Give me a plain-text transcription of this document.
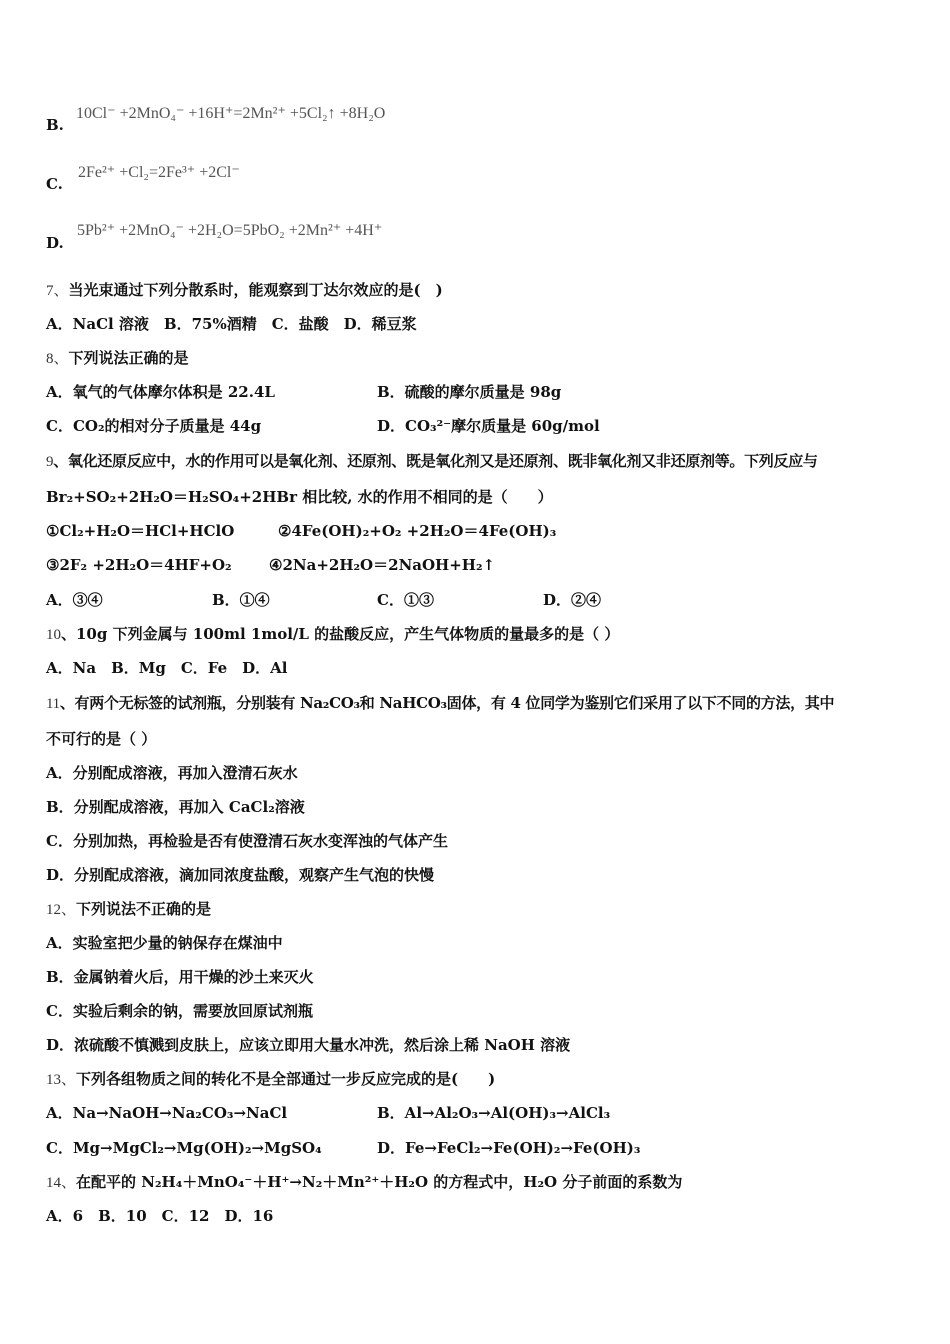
B.
10Cl⁻ +2MnO₄⁻ +16H⁺=2Mn²⁺ +5Cl₂↑ +8H₂O
C.
2Fe²⁺ +Cl₂=2Fe³⁺ +2Cl⁻
D.
5Pb²⁺ +2MnO₄⁻ +2H₂O=5PbO₂ +2Mn²⁺ +4H⁺
7、当光束通过下列分散系时，能观察到丁达尔效应的是(　)
A．NaCl 溶液　B．75%酒精　C．盐酸　D．稀豆浆
8、下列说法正确的是
A．氧气的气体摩尔体积是 22.4L	B．硫酸的摩尔质量是 98g
C．CO₂的相对分子质量是 44g	D．CO₃²⁻摩尔质量是 60g/mol
9、氧化还原反应中，水的作用可以是氧化剂、还原剂、既是氧化剂又是还原剂、既非氧化剂又非还原剂等。下列反应与
Br₂+SO₂+2H₂O＝H₂SO₄+2HBr 相比较, 水的作用不相同的是（　　）
①Cl₂+H₂O＝HCl+HClO	②4Fe(OH)₂+O₂ +2H₂O＝4Fe(OH)₃
③2F₂ +2H₂O＝4HF+O₂ ④2Na+2H₂O＝2NaOH+H₂↑
A．③④	B．①④	C．①③	D．②④
10、10g 下列金属与 100ml 1mol/L 的盐酸反应，产生气体物质的量最多的是（ ）
A．Na　B．Mg　C．Fe　D．Al
11、有两个无标签的试剂瓶，分别装有 Na₂CO₃和 NaHCO₃固体，有 4 位同学为鉴别它们采用了以下不同的方法，其中
不可行的是（ ）
A．分别配成溶液，再加入澄清石灰水
B．分别配成溶液，再加入 CaCl₂溶液
C．分别加热，再检验是否有使澄清石灰水变浑浊的气体产生
D．分别配成溶液，滴加同浓度盐酸，观察产生气泡的快慢
12、下列说法不正确的是
A．实验室把少量的钠保存在煤油中
B．金属钠着火后，用干燥的沙土来灭火
C．实验后剩余的钠，需要放回原试剂瓶
D．浓硫酸不慎溅到皮肤上，应该立即用大量水冲洗，然后涂上稀 NaOH 溶液
13、下列各组物质之间的转化不是全部通过一步反应完成的是(　　)
A．Na→NaOH→Na₂CO₃→NaCl	B．Al→Al₂O₃→Al(OH)₃→AlCl₃
C．Mg→MgCl₂→Mg(OH)₂→MgSO₄	D．Fe→FeCl₂→Fe(OH)₂→Fe(OH)₃
14、在配平的 N₂H₄＋MnO₄⁻＋H⁺→N₂＋Mn²⁺＋H₂O 的方程式中，H₂O 分子前面的系数为
A．6　B．10　C．12　D．16
